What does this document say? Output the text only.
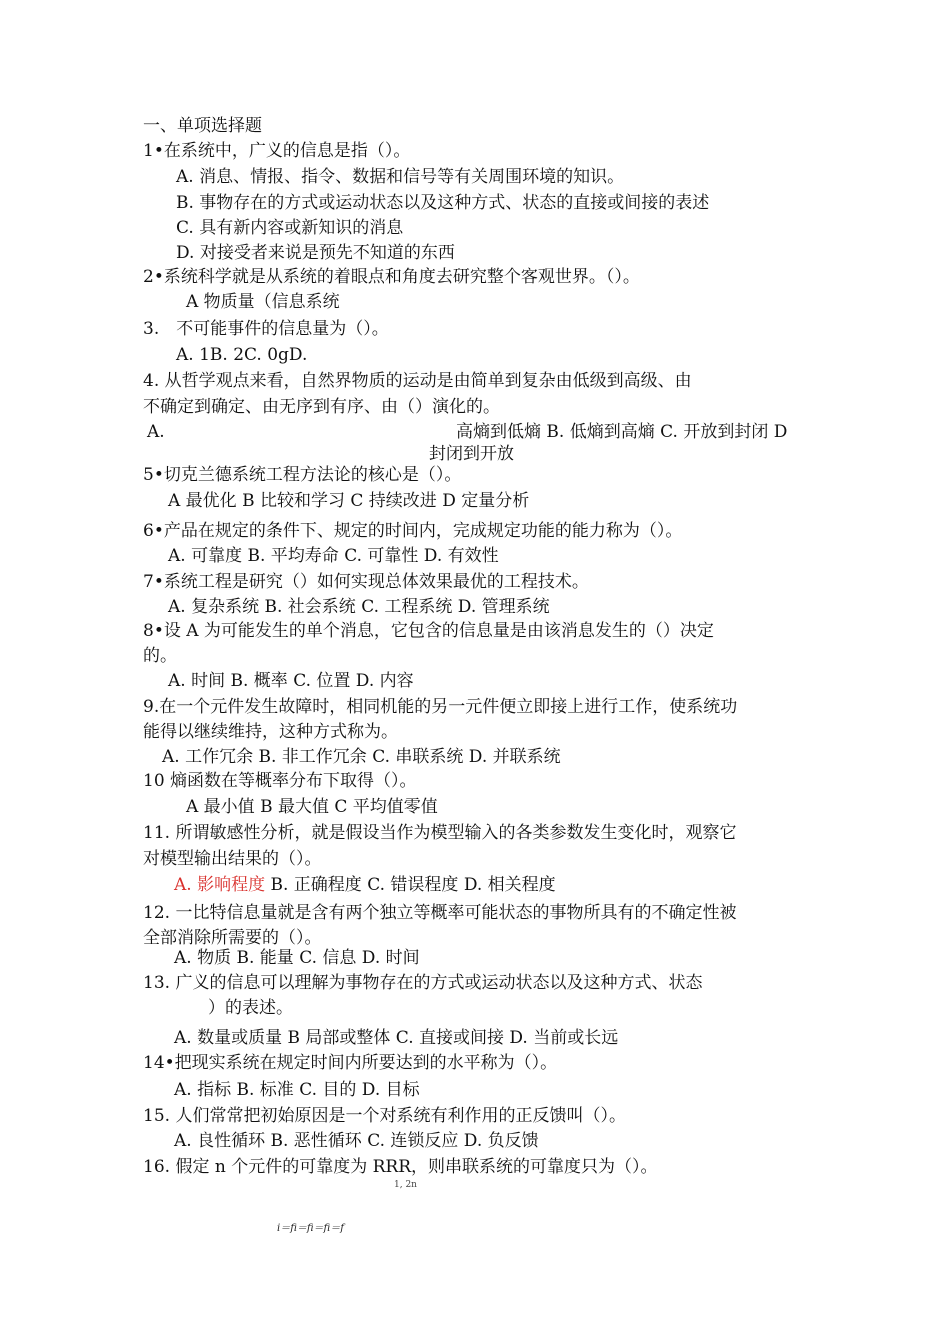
一、单项选择题
1•在系统中，广义的信息是指（）。
A. 消息、情报、指令、数据和信号等有关周围环境的知识。
B. 事物存在的方式或运动状态以及这种方式、状态的直接或间接的表述
C. 具有新内容或新知识的消息
D. 对接受者来说是预先不知道的东西
2•系统科学就是从系统的着眼点和角度去研究整个客观世界。（）。
A 物质量（信息系统
3.　不可能事件的信息量为（）。
A. 1B. 2C. 0gD.
4. 从哲学观点来看，自然界物质的运动是由简单到复杂由低级到高级、由
不确定到确定、由无序到有序、由（）演化的。
A.	高熵到低熵 B. 低熵到高熵 C. 开放到封闭 D
封闭到开放
5•切克兰德系统工程方法论的核心是（）。
A 最优化 B 比较和学习 C 持续改进 D 定量分析
6•产品在规定的条件下、规定的时间内，完成规定功能的能力称为（）。
A. 可靠度 B. 平均寿命 C. 可靠性 D. 有效性
7•系统工程是研究（）如何实现总体效果最优的工程技术。
A. 复杂系统 B. 社会系统 C. 工程系统 D. 管理系统
8•设 A 为可能发生的单个消息，它包含的信息量是由该消息发生的（）决定
的。
A. 时间 B. 概率 C. 位置 D. 内容
9.在一个元件发生故障时，相同机能的另一元件便立即接上进行工作，使系统功
能得以继续维持，这种方式称为。
A. 工作冗余 B. 非工作冗余 C. 串联系统 D. 并联系统
10 熵函数在等概率分布下取得（）。
A 最小值 B 最大值 C 平均值零值
11. 所谓敏感性分析，就是假设当作为模型输入的各类参数发生变化时，观察它
对模型输出结果的（）。
A. 影响程度 B. 正确程度 C. 错误程度 D. 相关程度
12. 一比特信息量就是含有两个独立等概率可能状态的事物所具有的不确定性被
全部消除所需要的（）。
A. 物质 B. 能量 C. 信息 D. 时间
13. 广义的信息可以理解为事物存在的方式或运动状态以及这种方式、状态
）的表述。
A. 数量或质量 B 局部或整体 C. 直接或间接 D. 当前或长远
14•把现实系统在规定时间内所要达到的水平称为（）。
A. 指标 B. 标准 C. 目的 D. 目标
15. 人们常常把初始原因是一个对系统有利作用的正反馈叫（）。
A. 良性循环 B. 恶性循环 C. 连锁反应 D. 负反馈
16. 假定 n 个元件的可靠度为 RRR，则串联系统的可靠度只为（）。
1, 2n
i＝fi＝fi＝fi＝f
